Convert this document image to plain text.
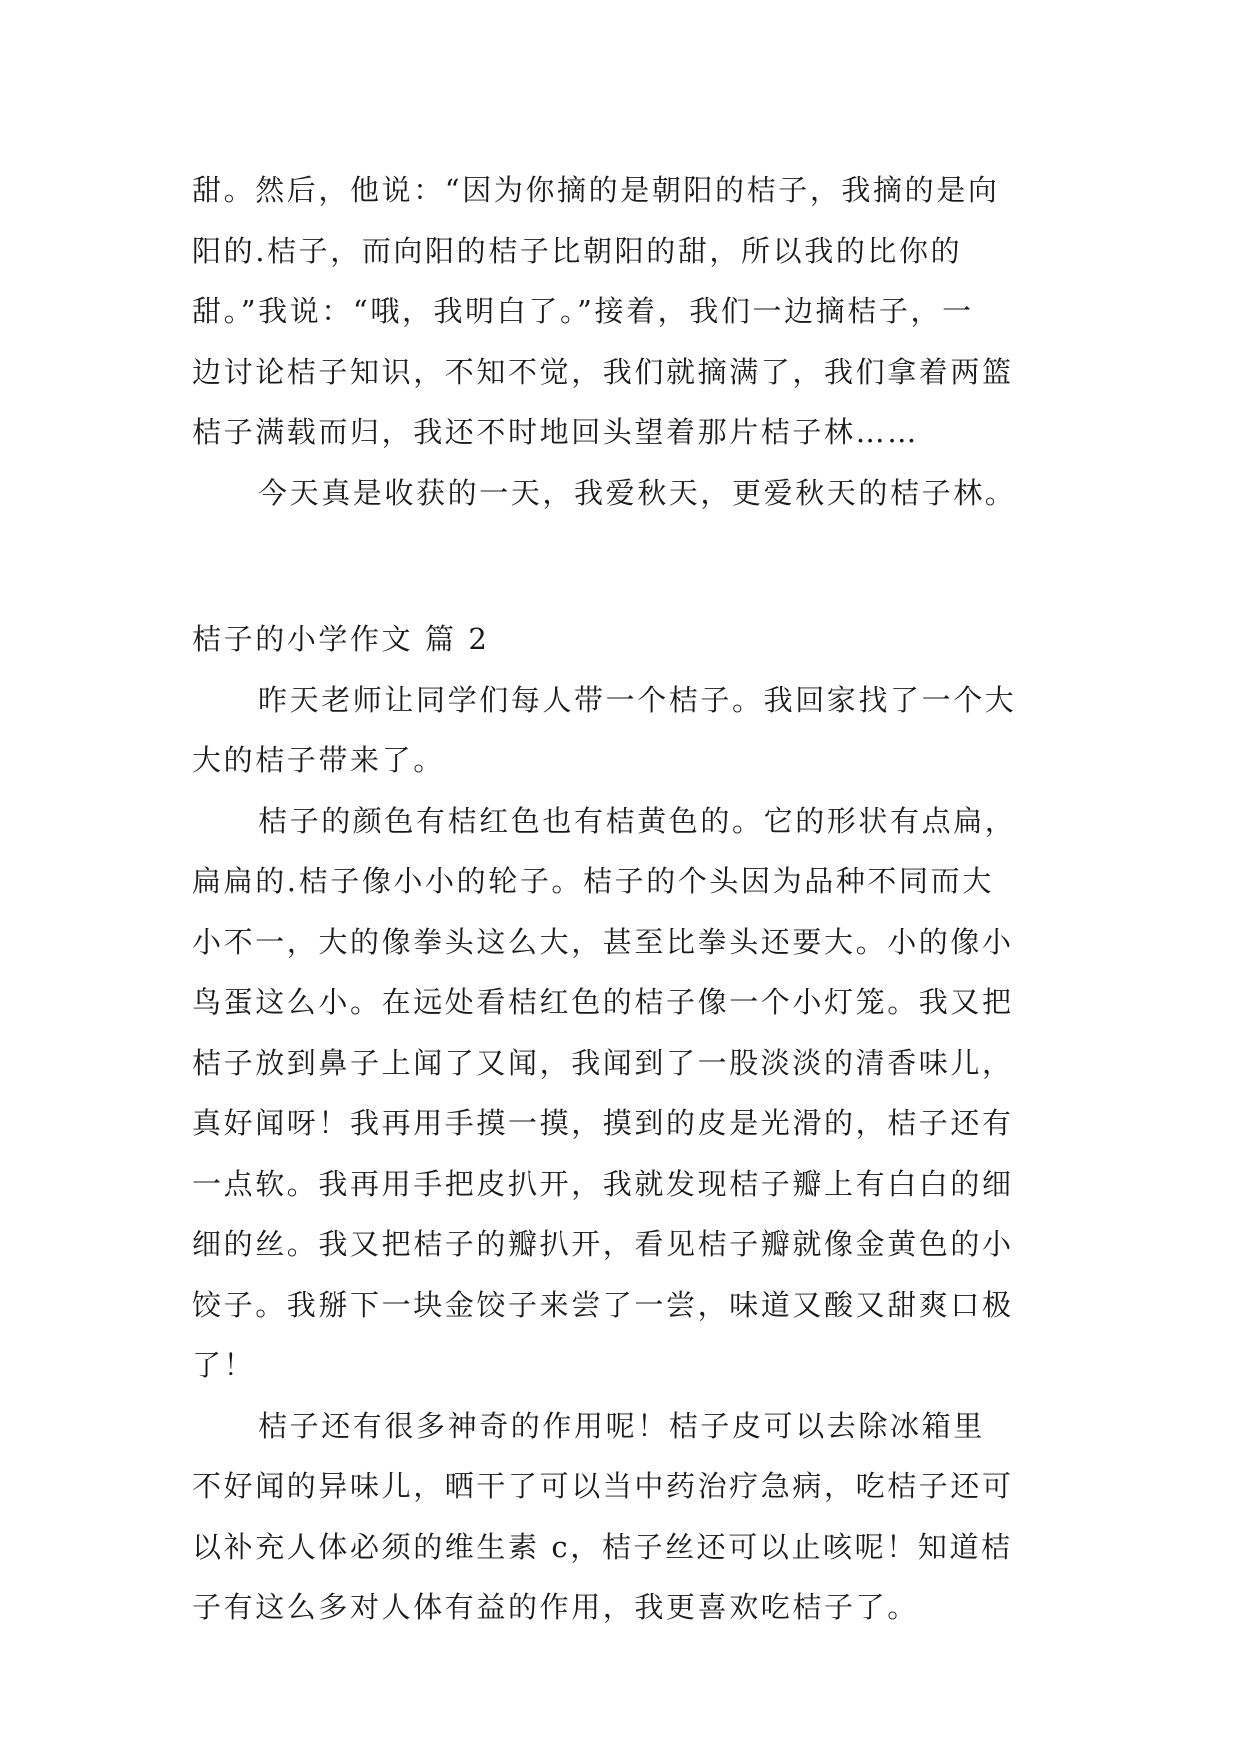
甜。然后，他说：“因为你摘的是朝阳的桔子，我摘的是向
阳的.桔子，而向阳的桔子比朝阳的甜，所以我的比你的
甜。”我说：“哦，我明白了。”接着，我们一边摘桔子，一
边讨论桔子知识，不知不觉，我们就摘满了，我们拿着两篮
桔子满载而归，我还不时地回头望着那片桔子林……
今天真是收获的一天，我爱秋天，更爱秋天的桔子林。
桔子的小学作文 篇 2
昨天老师让同学们每人带一个桔子。我回家找了一个大
大的桔子带来了。
桔子的颜色有桔红色也有桔黄色的。它的形状有点扁，
扁扁的.桔子像小小的轮子。桔子的个头因为品种不同而大
小不一，大的像拳头这么大，甚至比拳头还要大。小的像小
鸟蛋这么小。在远处看桔红色的桔子像一个小灯笼。我又把
桔子放到鼻子上闻了又闻，我闻到了一股淡淡的清香味儿，
真好闻呀！我再用手摸一摸，摸到的皮是光滑的，桔子还有
一点软。我再用手把皮扒开，我就发现桔子瓣上有白白的细
细的丝。我又把桔子的瓣扒开，看见桔子瓣就像金黄色的小
饺子。我掰下一块金饺子来尝了一尝，味道又酸又甜爽口极
了！
桔子还有很多神奇的作用呢！桔子皮可以去除冰箱里
不好闻的异味儿，晒干了可以当中药治疗急病，吃桔子还可
以补充人体必须的维生素 c，桔子丝还可以止咳呢！知道桔
子有这么多对人体有益的作用，我更喜欢吃桔子了。
